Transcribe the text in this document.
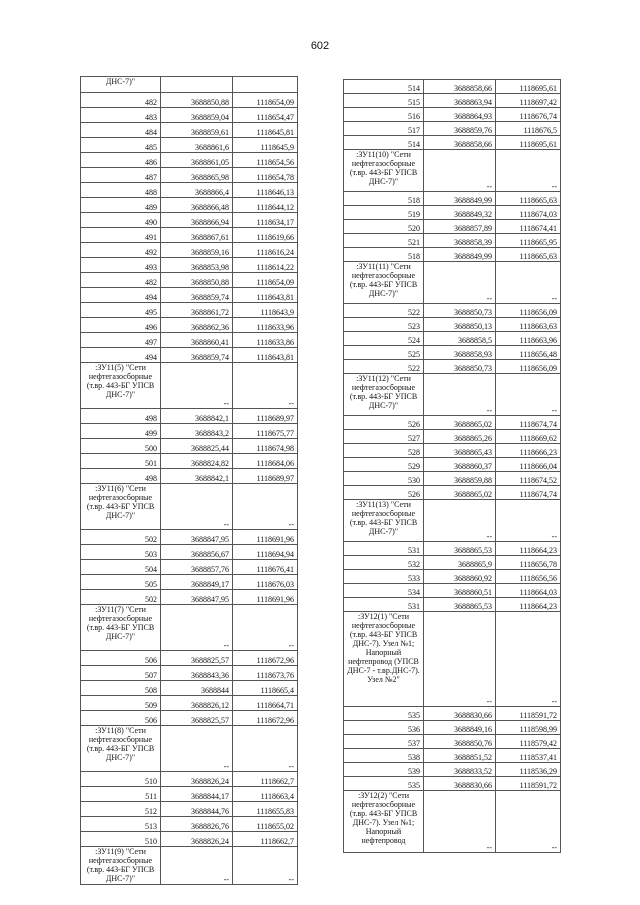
602
ДНС-7)"		
482	3688850,88	1118654,09
483	3688859,04	1118654,47
484	3688859,61	1118645,81
485	3688861,6	1118645,9
486	3688861,05	1118654,56
487	3688865,98	1118654,78
488	3688866,4	1118646,13
489	3688866,48	1118644,12
490	3688866,94	1118634,17
491	3688867,61	1118619,66
492	3688859,16	1118616,24
493	3688853,98	1118614,22
482	3688850,88	1118654,09
494	3688859,74	1118643,81
495	3688861,72	1118643,9
496	3688862,36	1118633,96
497	3688860,41	1118633,86
494	3688859,74	1118643,81
:ЗУ11(5) "Сети нефтегазосборные (т.вр. 443-БГ УПСВ ДНС-7)"	--	--
498	3688842,1	1118689,97
499	3688843,2	1118675,77
500	3688825,44	1118674,98
501	3688824,82	1118684,06
498	3688842,1	1118689,97
:ЗУ11(6) "Сети нефтегазосборные (т.вр. 443-БГ УПСВ ДНС-7)"	--	--
502	3688847,95	1118691,96
503	3688856,67	1118694,94
504	3688857,76	1118676,41
505	3688849,17	1118676,03
502	3688847,95	1118691,96
:ЗУ11(7) "Сети нефтегазосборные (т.вр. 443-БГ УПСВ ДНС-7)"	--	--
506	3688825,57	1118672,96
507	3688843,36	1118673,76
508	3688844	1118665,4
509	3688826,12	1118664,71
506	3688825,57	1118672,96
:ЗУ11(8) "Сети нефтегазосборные (т.вр. 443-БГ УПСВ ДНС-7)"	--	--
510	3688826,24	1118662,7
511	3688844,17	1118663,4
512	3688844,76	1118655,83
513	3688826,76	1118655,02
510	3688826,24	1118662,7
:ЗУ11(9) "Сети нефтегазосборные (т.вр. 443-БГ УПСВ ДНС-7)"	--	--
514	3688858,66	1118695,61
515	3688863,94	1118697,42
516	3688864,93	1118676,74
517	3688859,76	1118676,5
514	3688858,66	1118695,61
:ЗУ11(10) "Сети нефтегазосборные (т.вр. 443-БГ УПСВ ДНС-7)"	--	--
518	3688849,99	1118665,63
519	3688849,32	1118674,03
520	3688857,89	1118674,41
521	3688858,39	1118665,95
518	3688849,99	1118665,63
:ЗУ11(11) "Сети нефтегазосборные (т.вр. 443-БГ УПСВ ДНС-7)"	--	--
522	3688850,73	1118656,09
523	3688850,13	1118663,63
524	3688858,5	1118663,96
525	3688858,93	1118656,48
522	3688850,73	1118656,09
:ЗУ11(12) "Сети нефтегазосборные (т.вр. 443-БГ УПСВ ДНС-7)"	--	--
526	3688865,02	1118674,74
527	3688865,26	1118669,62
528	3688865,43	1118666,23
529	3688860,37	1118666,04
530	3688859,88	1118674,52
526	3688865,02	1118674,74
:ЗУ11(13) "Сети нефтегазосборные (т.вр. 443-БГ УПСВ ДНС-7)"	--	--
531	3688865,53	1118664,23
532	3688865,9	1118656,78
533	3688860,92	1118656,56
534	3688860,51	1118664,03
531	3688865,53	1118664,23
:ЗУ12(1) "Сети нефтегазосборные (т.вр. 443-БГ УПСВ ДНС-7). Узел №1; Напорный нефтепровод (УПСВ ДНС-7 - т.вр.ДНС-7). Узел №2"	--	--
535	3688830,66	1118591,72
536	3688849,16	1118598,99
537	3688850,76	1118579,42
538	3688851,52	1118537,41
539	3688833,52	1118536,29
535	3688830,66	1118591,72
:ЗУ12(2) "Сети нефтегазосборные (т.вр. 443-БГ УПСВ ДНС-7). Узел №1; Напорный нефтепровод	--	--
